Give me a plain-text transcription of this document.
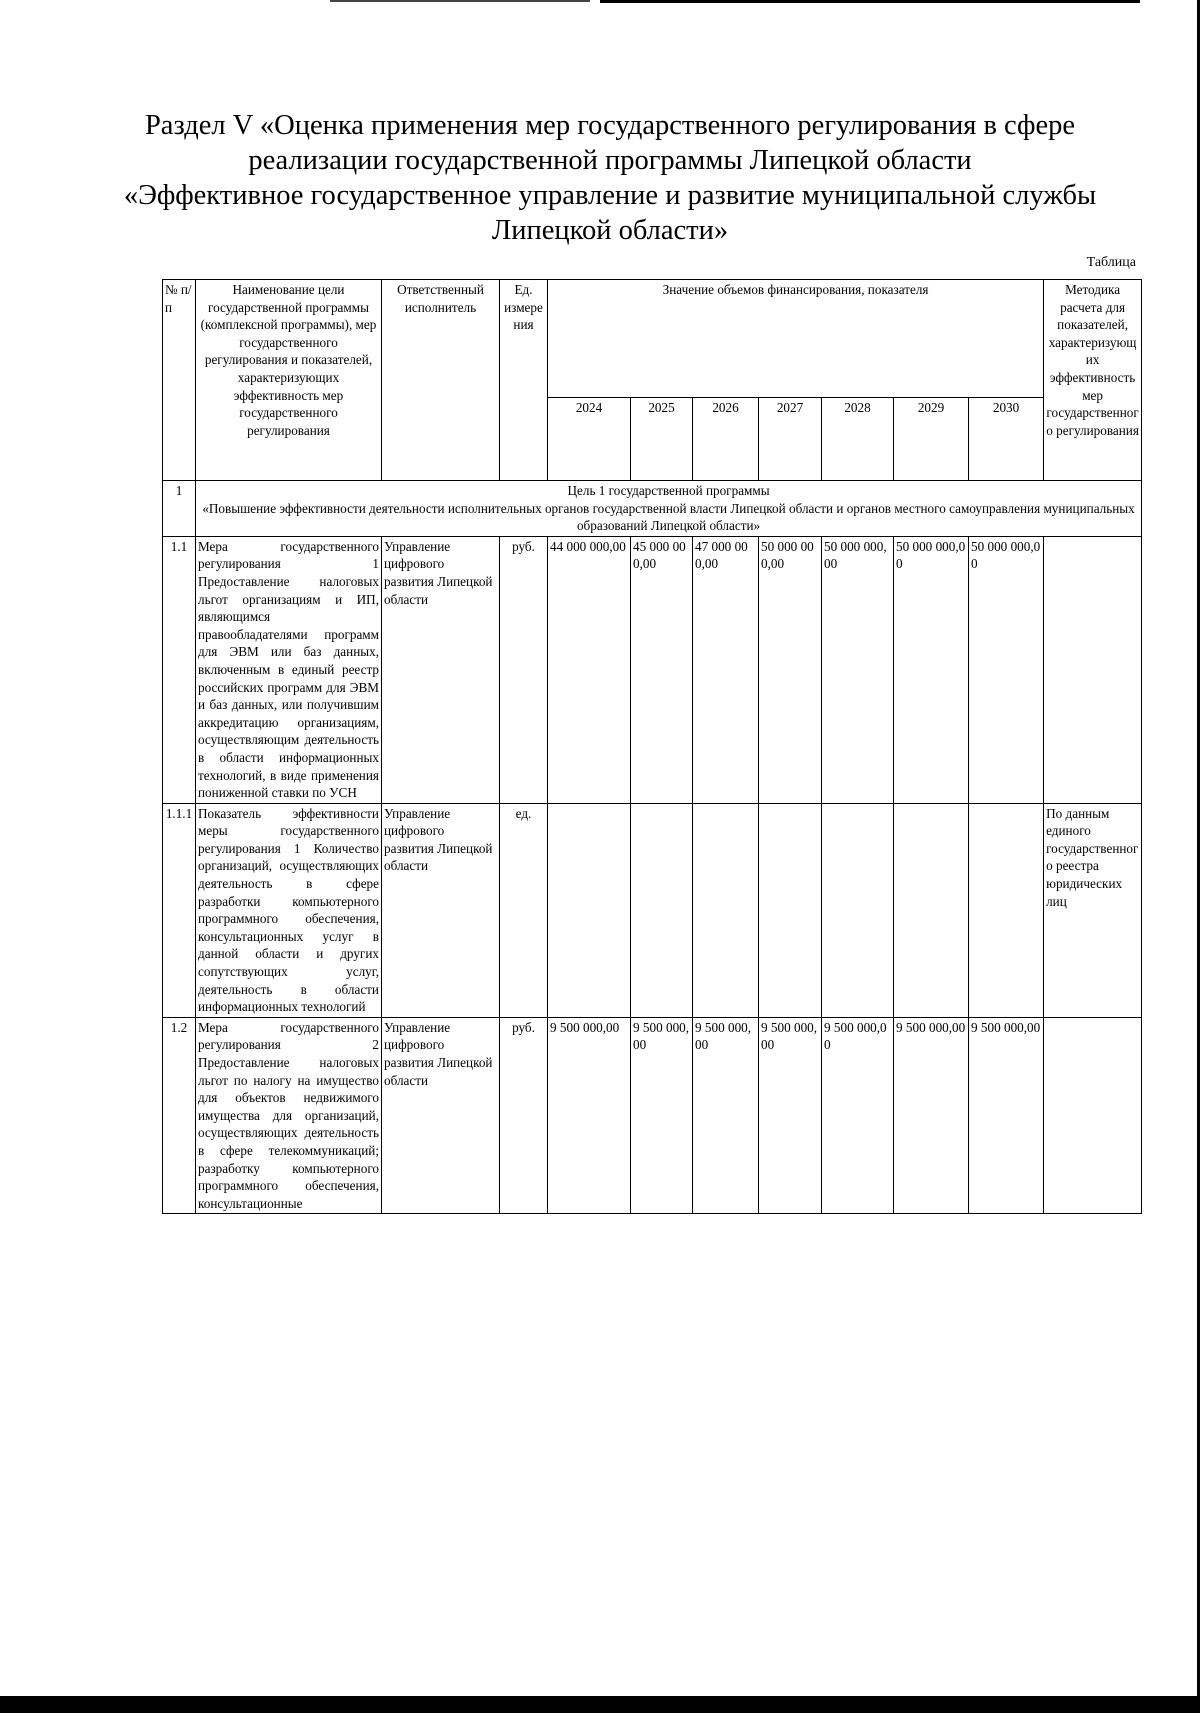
Раздел V «Оценка применения мер государственного регулирования в сфере
реализации государственной программы Липецкой области
«Эффективное государственное управление и развитие муниципальной службы
Липецкой области»
Таблица
№ п/п	Наименование цели государственной программы (комплексной программы), мер государственного регулирования и показателей, характеризующих эффективность мер государственного регулирования	Ответственный исполнитель	Ед. измерения	Значение объемов финансирования, показателя							Методика расчета для показателей, характеризующих эффективность мер государственного регулирования
				2024	2025	2026	2027	2028	2029	2030	
1	Цель 1 государственной программы
«Повышение эффективности деятельности исполнительных органов государственной власти Липецкой области и органов местного самоуправления муниципальных образований Липецкой области»										

1.1	Мера государственного регулирования 1 Предоставление налоговых льгот организациям и ИП, являющимся правообладателями программ для ЭВМ или баз данных, включенным в единый реестр российских программ для ЭВМ и баз данных, или получившим аккредитацию организациям, осуществляющим деятельность в области информационных технологий, в виде применения пониженной ставки по УСН	Управление цифрового развития Липецкой области	руб.	44 000 000,00	45 000 000,00	47 000 000,00	50 000 000,00	50 000 000,00	50 000 000,00	50 000 000,00	
1.1.1	Показатель эффективности меры государственного регулирования 1 Количество организаций, осуществляющих деятельность в сфере разработки компьютерного программного обеспечения, консультационных услуг в данной области и других сопутствующих услуг, деятельность в области информационных технологий	Управление цифрового развития Липецкой области	ед.								По данным единого государственного реестра юридических лиц
1.2	Мера государственного регулирования 2 Предоставление налоговых льгот по налогу на имущество для объектов недвижимого имущества для организаций, осуществляющих деятельность в сфере телекоммуникаций; разработку компьютерного программного обеспечения, консультационные	Управление цифрового развития Липецкой области	руб.	9 500 000,00	9 500 000,00	9 500 000,00	9 500 000,00	9 500 000,00	9 500 000,00	9 500 000,00	
